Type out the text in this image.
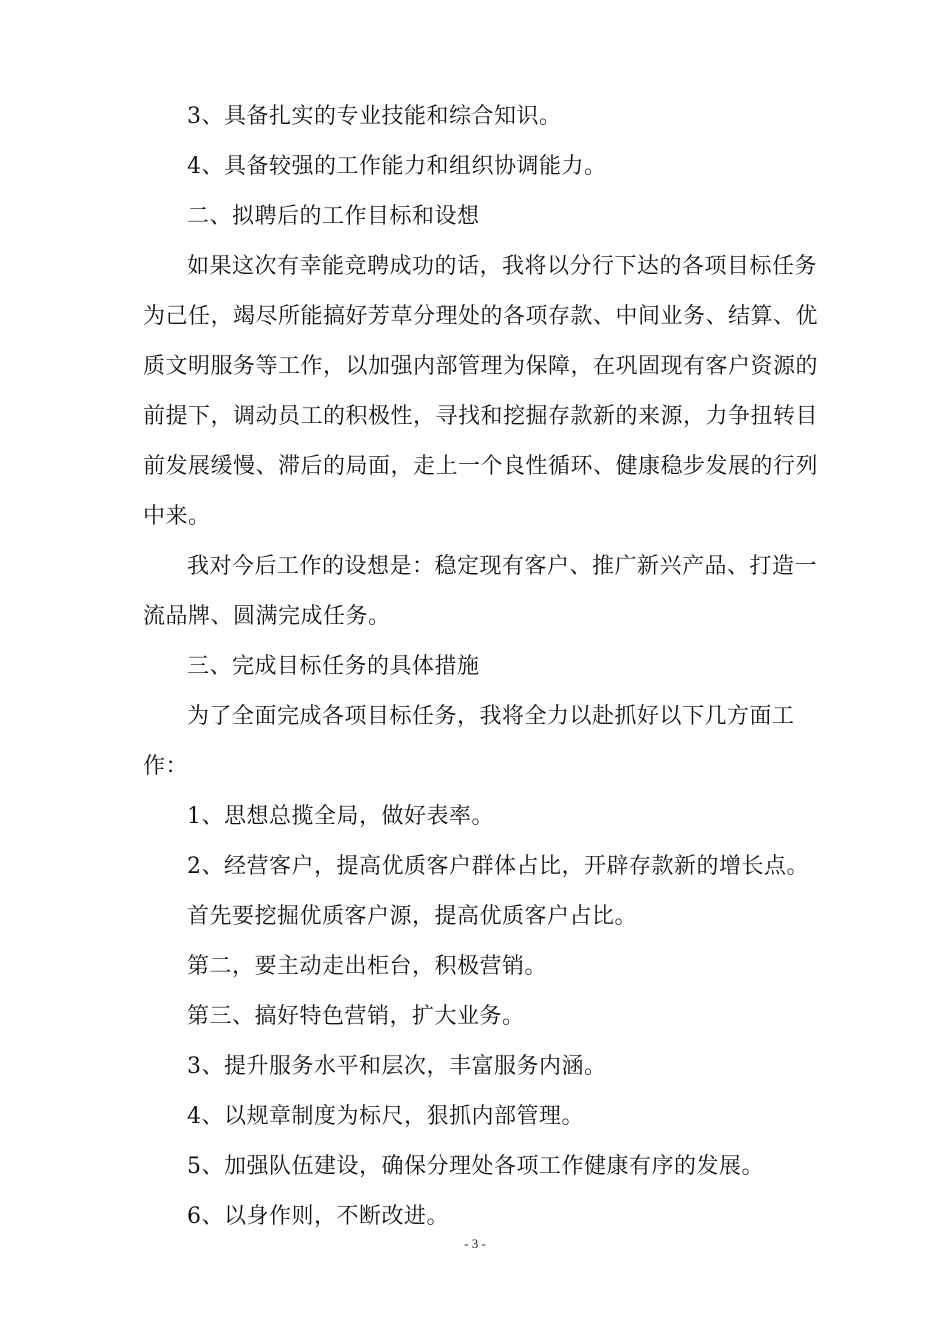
3、具备扎实的专业技能和综合知识。

4、具备较强的工作能力和组织协调能力。

二、拟聘后的工作目标和设想

如果这次有幸能竞聘成功的话，我将以分行下达的各项目标任务为己任，竭尽所能搞好芳草分理处的各项存款、中间业务、结算、优质文明服务等工作，以加强内部管理为保障，在巩固现有客户资源的前提下，调动员工的积极性，寻找和挖掘存款新的来源，力争扭转目前发展缓慢、滞后的局面，走上一个良性循环、健康稳步发展的行列中来。

我对今后工作的设想是：稳定现有客户、推广新兴产品、打造一流品牌、圆满完成任务。

三、完成目标任务的具体措施

为了全面完成各项目标任务，我将全力以赴抓好以下几方面工作：

1、思想总揽全局，做好表率。

2、经营客户，提高优质客户群体占比，开辟存款新的增长点。

首先要挖掘优质客户源，提高优质客户占比。

第二，要主动走出柜台，积极营销。

第三、搞好特色营销，扩大业务。

3、提升服务水平和层次，丰富服务内涵。

4、以规章制度为标尺，狠抓内部管理。

5、加强队伍建设，确保分理处各项工作健康有序的发展。

6、以身作则，不断改进。

- 3 -
